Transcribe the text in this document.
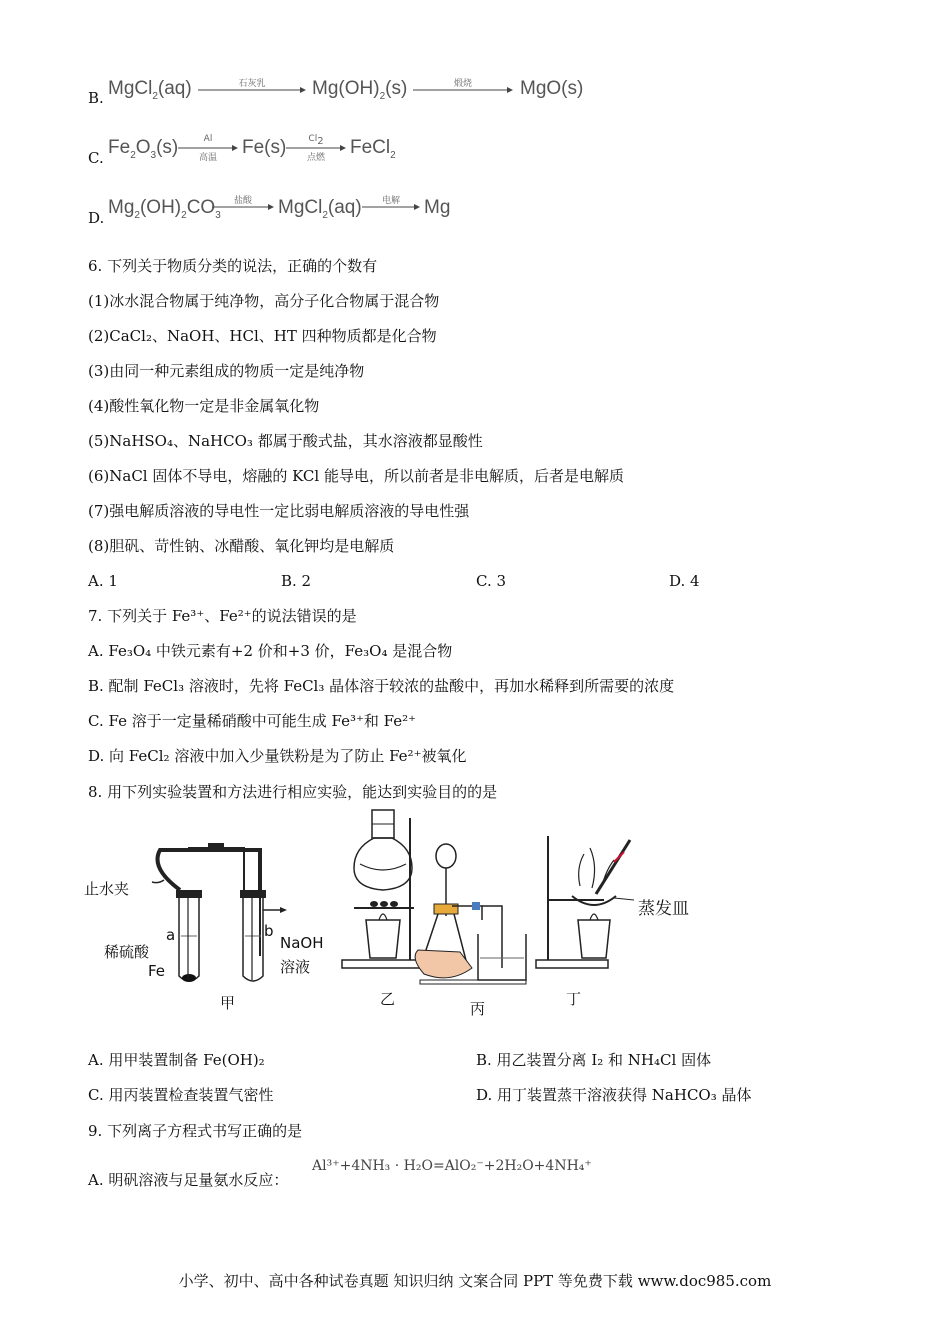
B. MgCl$_2$(aq)	石灰乳	$Mg(OH)_2(s)$	煅烧	MgO(s)
C. $Fe_2O_3(s)$	Al
高温	Fe(s)	$Cl_2$
点燃	FeCl$_2$
D. $Mg_2(OH)_2CO_3$
盐酸	MgCl$_2$(aq)	电解	Mg
6. 下列关于物质分类的说法，正确的个数有
(1)冰水混合物属于纯净物，高分子化合物属于混合物
(2)CaCl₂、NaOH、HCl、HT 四种物质都是化合物
(3)由同一种元素组成的物质一定是纯净物
(4)酸性氧化物一定是非金属氧化物
(5)NaHSO₄、NaHCO₃ 都属于酸式盐，其水溶液都显酸性
(6)NaCl 固体不导电，熔融的 KCl 能导电，所以前者是非电解质，后者是电解质
(7)强电解质溶液的导电性一定比弱电解质溶液的导电性强
(8)胆矾、苛性钠、冰醋酸、氧化钾均是电解质
A. 1	B. 2	C. 3	D. 4
7. 下列关于 Fe³⁺、Fe²⁺的说法错误的是
A. Fe₃O₄ 中铁元素有+2 价和+3 价，Fe₃O₄ 是混合物
B. 配制 FeCl₃ 溶液时，先将 FeCl₃ 晶体溶于较浓的盐酸中，再加水稀释到所需要的浓度
C. Fe 溶于一定量稀硝酸中可能生成 Fe³⁺和 Fe²⁺
D. 向 FeCl₂ 溶液中加入少量铁粉是为了防止 Fe²⁺被氧化
8. 用下列实验装置和方法进行相应实验，能达到实验目的的是
止水夹
稀硫酸
Fe
a	b
NaOH
溶液
甲	乙
丙
丁
蒸发皿
A. 用甲装置制备 Fe(OH)₂	B. 用乙装置分离 I₂ 和 NH₄Cl 固体
C. 用丙装置检查装置气密性	D. 用丁装置蒸干溶液获得 NaHCO₃ 晶体
9. 下列离子方程式书写正确的是
A. 明矾溶液与足量氨水反应：
Al³⁺+4NH₃ · H₂O=AlO₂⁻+2H₂O+4NH₄⁺
小学、初中、高中各种试卷真题 知识归纳 文案合同 PPT 等免费下载 www.doc985.com
